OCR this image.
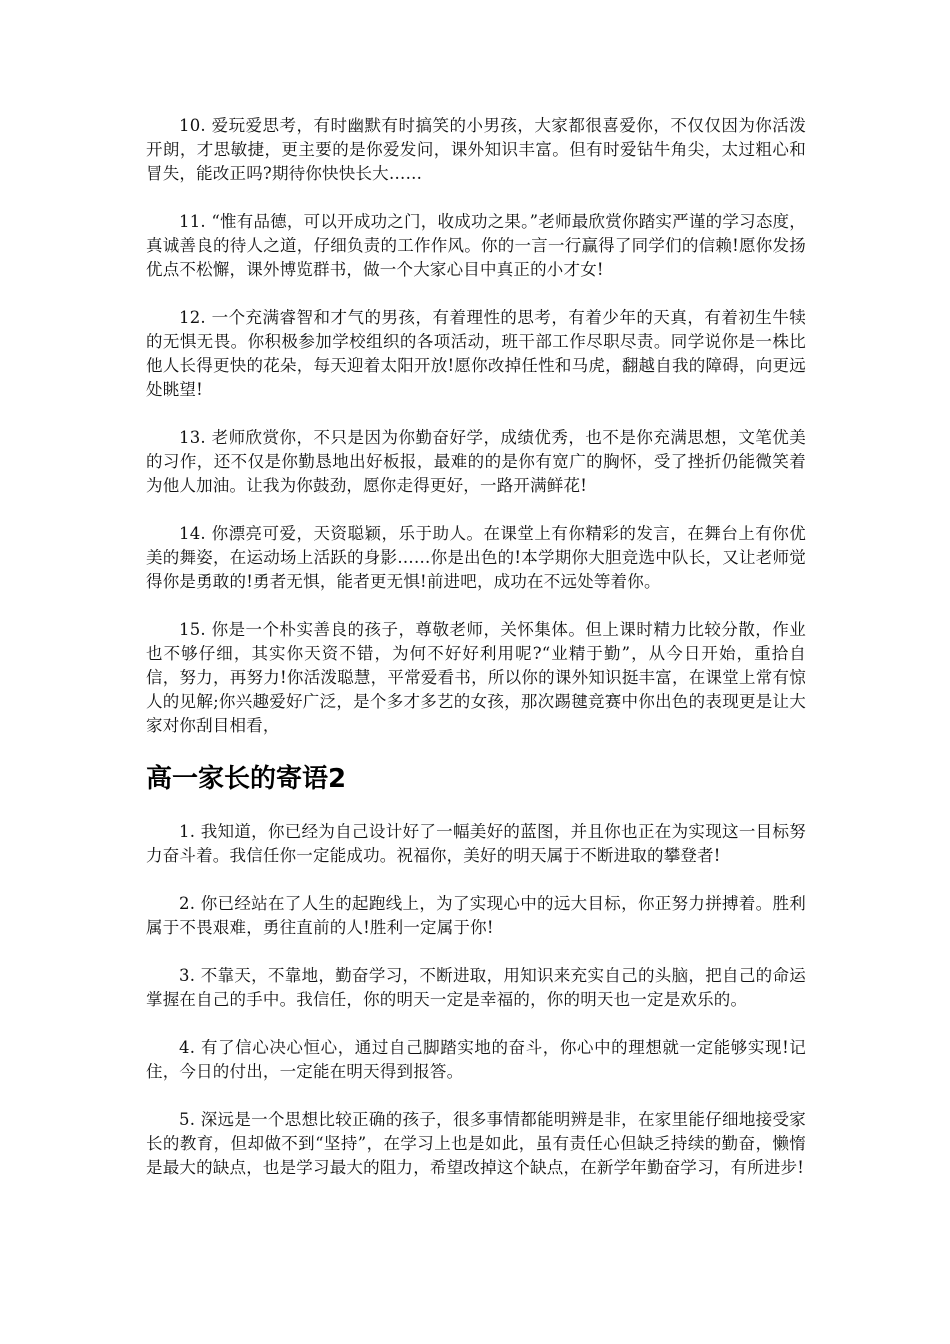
10. 爱玩爱思考，有时幽默有时搞笑的小男孩，大家都很喜爱你，不仅仅因为你活泼开朗，才思敏捷，更主要的是你爱发问，课外知识丰富。但有时爱钻牛角尖，太过粗心和冒失，能改正吗?期待你快快长大……

11. “惟有品德，可以开成功之门，收成功之果。”老师最欣赏你踏实严谨的学习态度，真诚善良的待人之道，仔细负责的工作作风。你的一言一行赢得了同学们的信赖!愿你发扬优点不松懈，课外博览群书，做一个大家心目中真正的小才女!

12. 一个充满睿智和才气的男孩，有着理性的思考，有着少年的天真，有着初生牛犊的无惧无畏。你积极参加学校组织的各项活动，班干部工作尽职尽责。同学说你是一株比他人长得更快的花朵，每天迎着太阳开放!愿你改掉任性和马虎，翻越自我的障碍，向更远处眺望!

13. 老师欣赏你，不只是因为你勤奋好学，成绩优秀，也不是你充满思想，文笔优美的习作，还不仅是你勤恳地出好板报，最难的的是你有宽广的胸怀，受了挫折仍能微笑着为他人加油。让我为你鼓劲，愿你走得更好，一路开满鲜花!

14. 你漂亮可爱，天资聪颖，乐于助人。在课堂上有你精彩的发言，在舞台上有你优美的舞姿，在运动场上活跃的身影……你是出色的!本学期你大胆竞选中队长，又让老师觉得你是勇敢的!勇者无惧，能者更无惧!前进吧，成功在不远处等着你。

15. 你是一个朴实善良的孩子，尊敬老师，关怀集体。但上课时精力比较分散，作业也不够仔细，其实你天资不错，为何不好好利用呢?“业精于勤”，从今日开始，重拾自信，努力，再努力!你活泼聪慧，平常爱看书，所以你的课外知识挺丰富，在课堂上常有惊人的见解;你兴趣爱好广泛，是个多才多艺的女孩，那次踢毽竞赛中你出色的表现更是让大家对你刮目相看，

高一家长的寄语2

1. 我知道，你已经为自己设计好了一幅美好的蓝图，并且你也正在为实现这一目标努力奋斗着。我信任你一定能成功。祝福你，美好的明天属于不断进取的攀登者!

2. 你已经站在了人生的起跑线上，为了实现心中的远大目标，你正努力拼搏着。胜利属于不畏艰难，勇往直前的人!胜利一定属于你!

3. 不靠天，不靠地，勤奋学习，不断进取，用知识来充实自己的头脑，把自己的命运掌握在自己的手中。我信任，你的明天一定是幸福的，你的明天也一定是欢乐的。

4. 有了信心决心恒心，通过自己脚踏实地的奋斗，你心中的理想就一定能够实现!记住，今日的付出，一定能在明天得到报答。

5. 深远是一个思想比较正确的孩子，很多事情都能明辨是非，在家里能仔细地接受家长的教育，但却做不到“坚持”，在学习上也是如此，虽有责任心但缺乏持续的勤奋，懒惰是最大的缺点，也是学习最大的阻力，希望改掉这个缺点，在新学年勤奋学习，有所进步!
